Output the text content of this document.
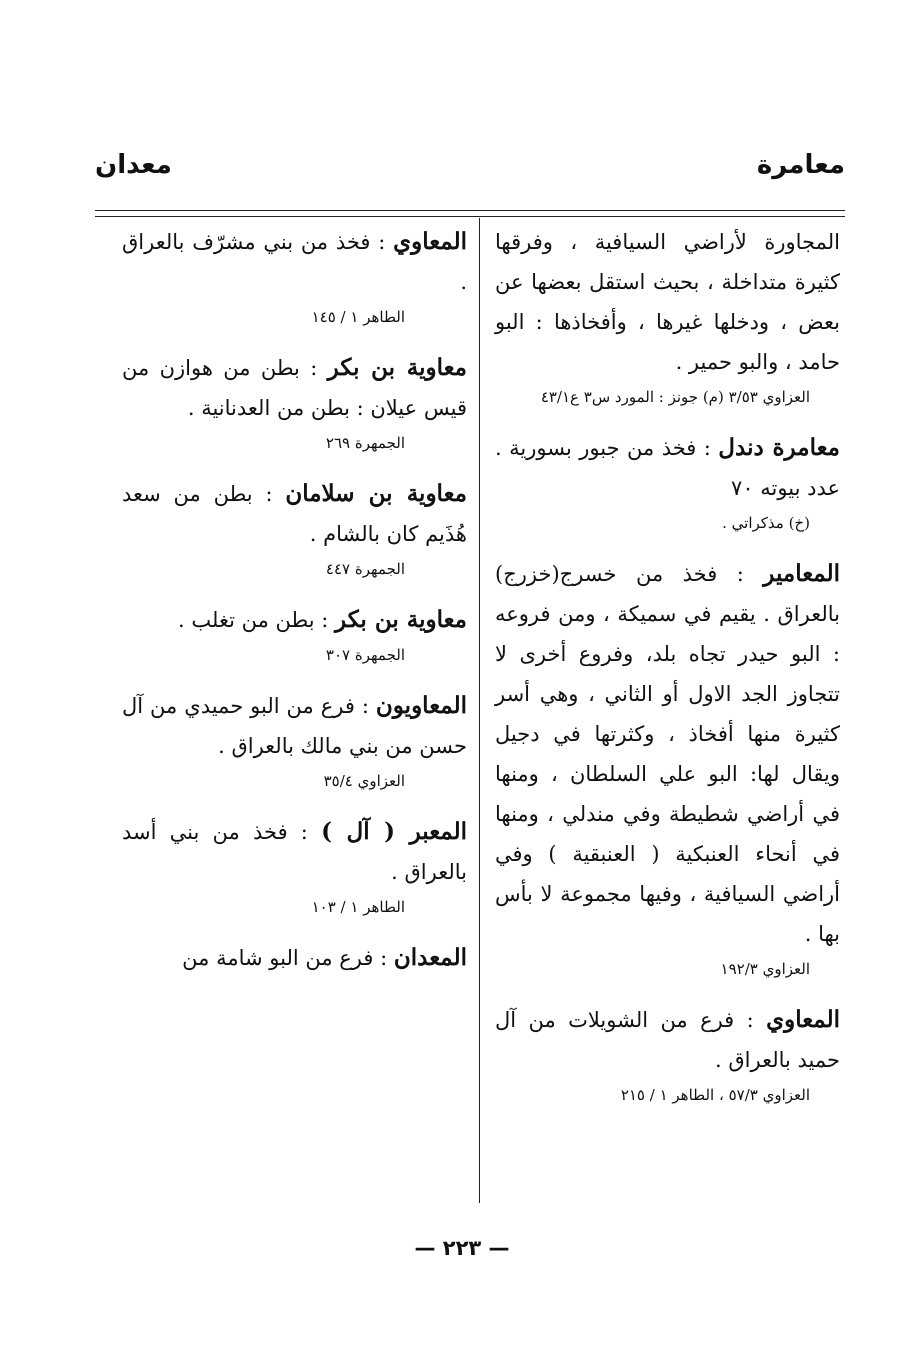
معامرة
معدان
المجاورة لأراضي السيافية ، وفرقها كثيرة متداخلة ، بحيث استقل بعضها عن بعض ، ودخلها غيرها ، وأفخاذها : البو حامد ، والبو حمير .
العزاوي ٣/٥٣ (م) جونز : المورد س٣ ع٤٣/١
معامرة دندل : فخذ من جبور بسورية . عدد بيوته ٧٠
(خ) مذكراتي .
المعامير : فخذ من خسرج(خزرج) بالعراق . يقيم في سميكة ، ومن فروعه : البو حيدر تجاه بلد، وفروع أخرى لا تتجاوز الجد الاول أو الثاني ، وهي أسر كثيرة منها أفخاذ ، وكثرتها في دجيل ويقال لها: البو علي السلطان ، ومنها في أراضي شطيطة وفي مندلي ، ومنها في أنحاء العنبكية ( العنبقية ) وفي أراضي السيافية ، وفيها مجموعة لا بأس بها .
العزاوي ١٩٢/٣
المعاوي : فرع من الشويلات من آل حميد بالعراق .
العزاوي ٥٧/٣ ، الطاهر ١ / ٢١٥
المعاوي : فخذ من بني مشرّف بالعراق .
الطاهر ١ / ١٤٥
معاوية بن بكر : بطن من هوازن من قيس عيلان : بطن من العدنانية .
الجمهرة ٢٦٩
معاوية بن سلامان : بطن من سعد هُذَيم كان بالشام .
الجمهرة ٤٤٧
معاوية بن بكر : بطن من تغلب .
الجمهرة ٣٠٧
المعاويون : فرع من البو حميدي من آل حسن من بني مالك بالعراق .
العزاوي ٣٥/٤
المعبر ( آل ) : فخذ من بني أسد بالعراق .
الطاهر ١ / ١٠٣
المعدان : فرع من البو شامة من
— ٢٢٣ —
